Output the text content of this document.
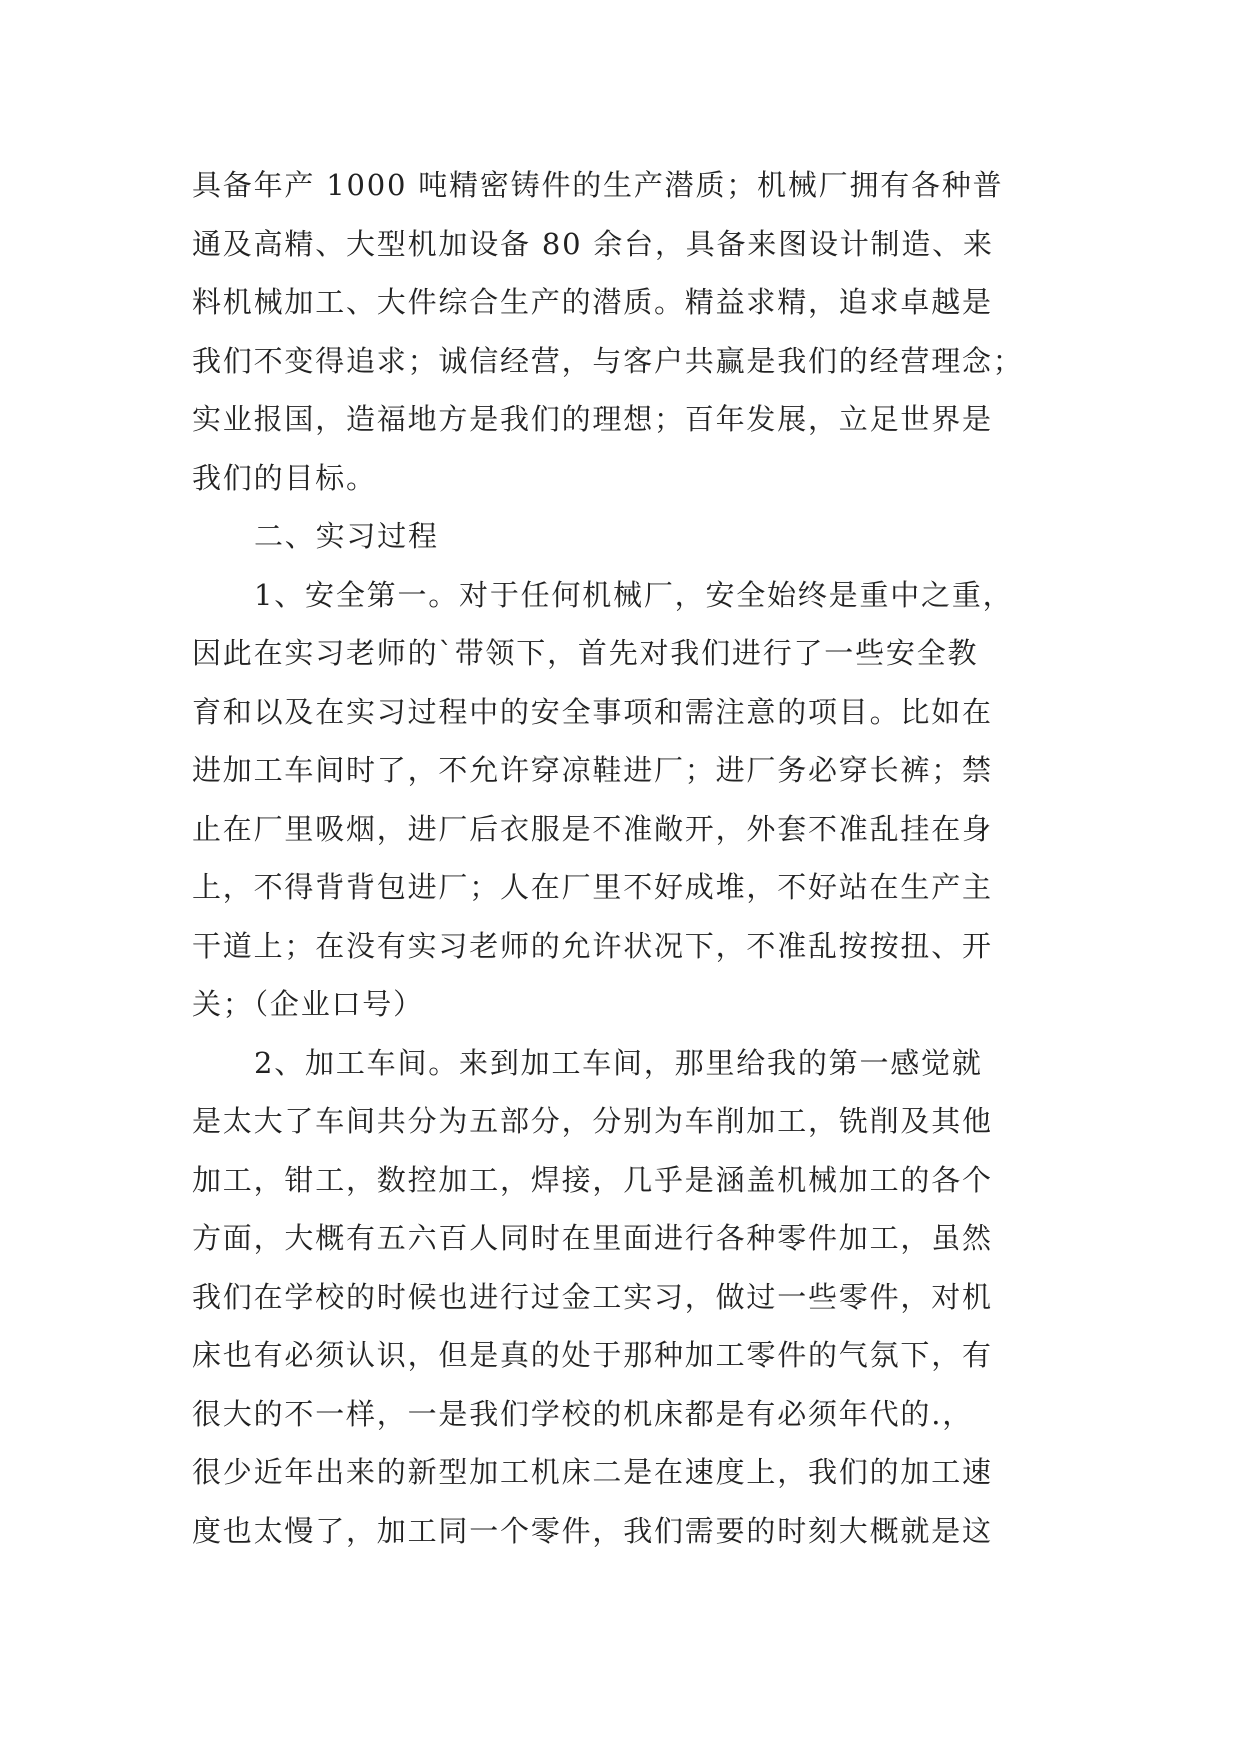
具备年产 1000 吨精密铸件的生产潜质；机械厂拥有各种普
通及高精、大型机加设备 80 余台，具备来图设计制造、来
料机械加工、大件综合生产的潜质。精益求精，追求卓越是
我们不变得追求；诚信经营，与客户共赢是我们的经营理念；
实业报国，造福地方是我们的理想；百年发展，立足世界是
我们的目标。
二、实习过程
1、安全第一。对于任何机械厂，安全始终是重中之重，
因此在实习老师的`带领下，首先对我们进行了一些安全教
育和以及在实习过程中的安全事项和需注意的项目。比如在
进加工车间时了，不允许穿凉鞋进厂；进厂务必穿长裤；禁
止在厂里吸烟，进厂后衣服是不准敞开，外套不准乱挂在身
上，不得背背包进厂；人在厂里不好成堆，不好站在生产主
干道上；在没有实习老师的允许状况下，不准乱按按扭、开
关；（企业口号）
2、加工车间。来到加工车间，那里给我的第一感觉就
是太大了车间共分为五部分，分别为车削加工，铣削及其他
加工，钳工，数控加工，焊接，几乎是涵盖机械加工的各个
方面，大概有五六百人同时在里面进行各种零件加工，虽然
我们在学校的时候也进行过金工实习，做过一些零件，对机
床也有必须认识，但是真的处于那种加工零件的气氛下，有
很大的不一样，一是我们学校的机床都是有必须年代的.，
很少近年出来的新型加工机床二是在速度上，我们的加工速
度也太慢了，加工同一个零件，我们需要的时刻大概就是这
